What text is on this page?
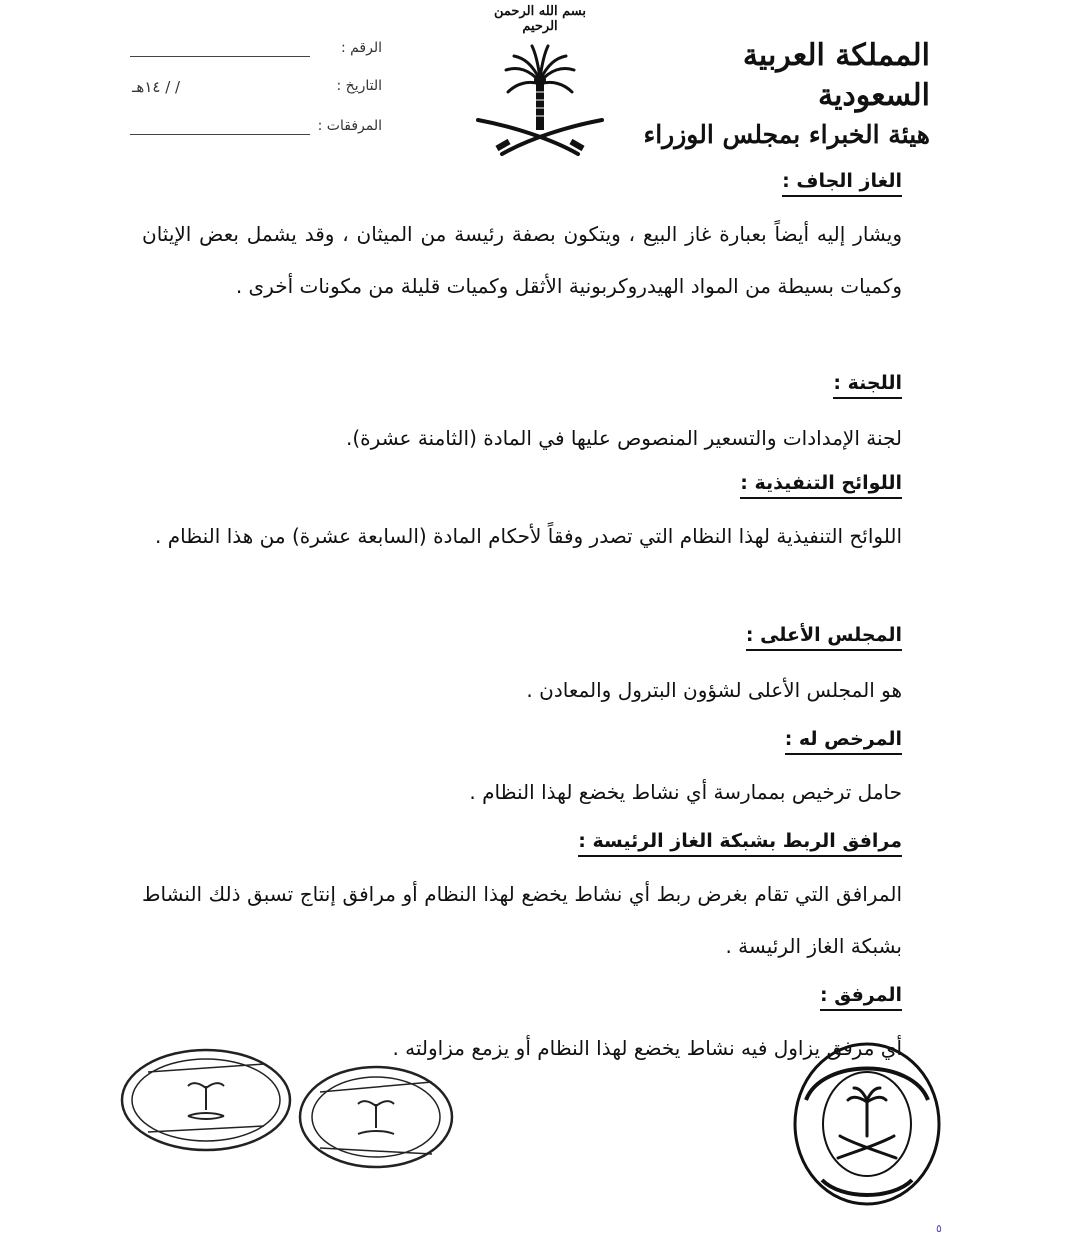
بسم الله الرحمن الرحيم
المملكة العربية السعودية
هيئة الخبراء بمجلس الوزراء
الرقم :
التاريخ :
/ / ١٤هـ
المرفقات :
الغاز الجاف :
ويشار إليه أيضاً بعبارة غاز البيع ، ويتكون بصفة رئيسة من الميثان ، وقد يشمل بعض الإيثان وكميات بسيطة من المواد الهيدروكربونية الأثقل وكميات قليلة من مكونات أخرى .
اللجنة :
لجنة الإمدادات والتسعير المنصوص عليها في المادة (الثامنة عشرة).
اللوائح التنفيذية :
اللوائح التنفيذية لهذا النظام التي تصدر وفقاً لأحكام المادة (السابعة عشرة) من هذا النظام .
المجلس الأعلى :
هو المجلس الأعلى لشؤون البترول والمعادن .
المرخص له :
حامل ترخيص بممارسة أي نشاط يخضع لهذا النظام .
مرافق الربط بشبكة الغاز الرئيسة :
المرافق التي تقام بغرض ربط أي نشاط يخضع لهذا النظام أو مرافق إنتاج تسبق ذلك النشاط بشبكة الغاز الرئيسة .
المرفق :
أي مرفق يزاول فيه نشاط يخضع لهذا النظام أو يزمع مزاولته .
٥
